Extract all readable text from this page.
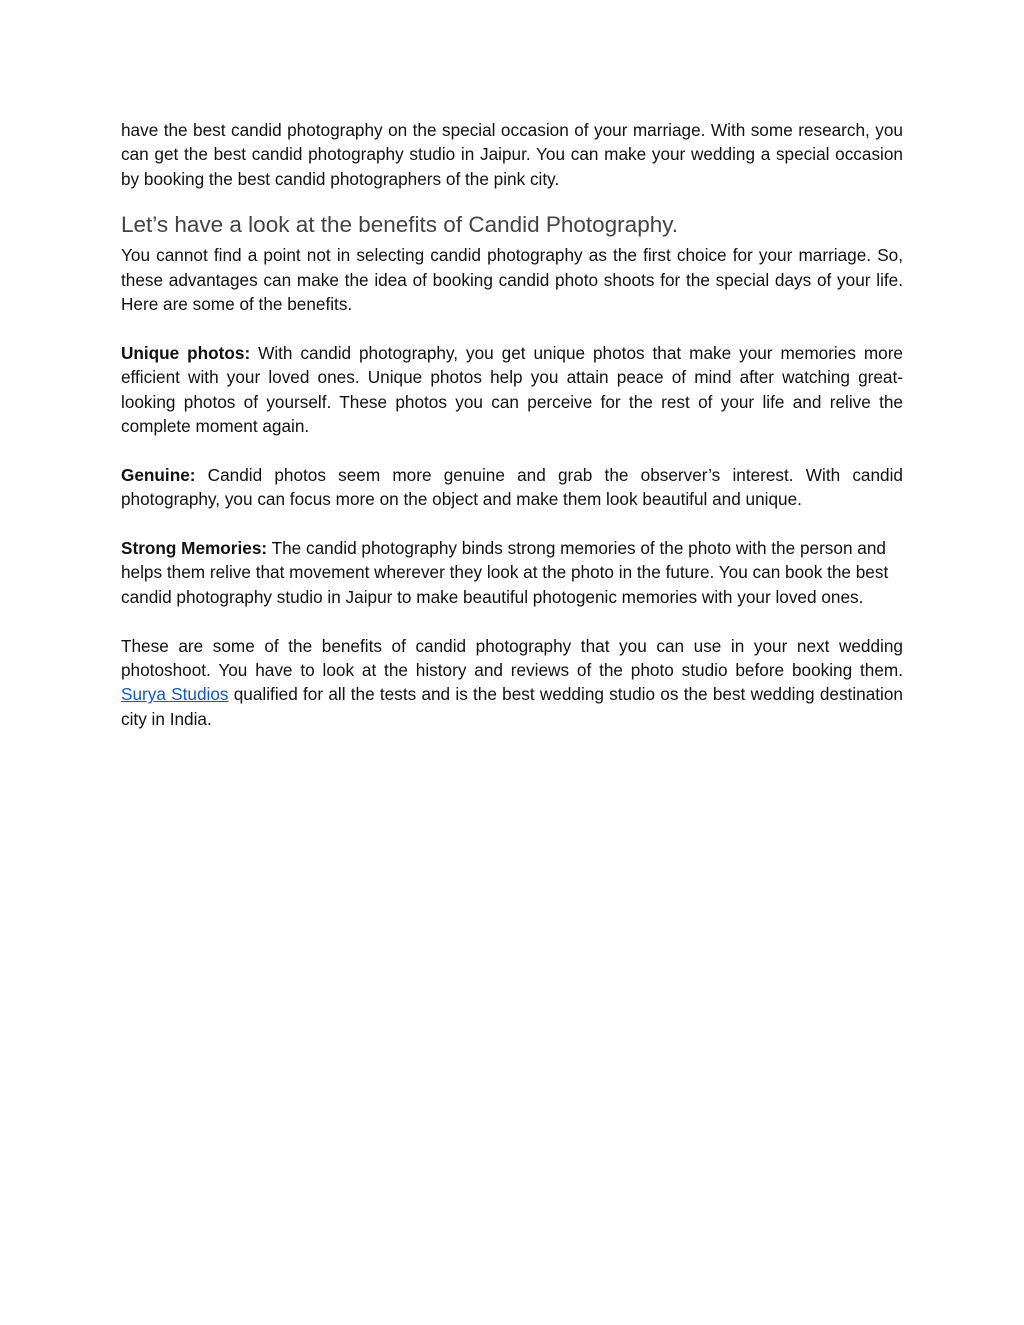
have the best candid photography on the special occasion of your marriage. With some research, you can get the best candid photography studio in Jaipur. You can make your wedding a special occasion by booking the best candid photographers of the pink city.

Let’s have a look at the benefits of Candid Photography.

You cannot find a point not in selecting candid photography as the first choice for your marriage. So, these advantages can make the idea of booking candid photo shoots for the special days of your life. Here are some of the benefits.

Unique photos: With candid photography, you get unique photos that make your memories more efficient with your loved ones. Unique photos help you attain peace of mind after watching great-looking photos of yourself. These photos you can perceive for the rest of your life and relive the complete moment again.

Genuine: Candid photos seem more genuine and grab the observer’s interest. With candid photography, you can focus more on the object and make them look beautiful and unique.

Strong Memories: The candid photography binds strong memories of the photo with the person and helps them relive that movement wherever they look at the photo in the future. You can book the best candid photography studio in Jaipur to make beautiful photogenic memories with your loved ones.

These are some of the benefits of candid photography that you can use in your next wedding photoshoot. You have to look at the history and reviews of the photo studio before booking them. Surya Studios qualified for all the tests and is the best wedding studio os the best wedding destination city in India.
